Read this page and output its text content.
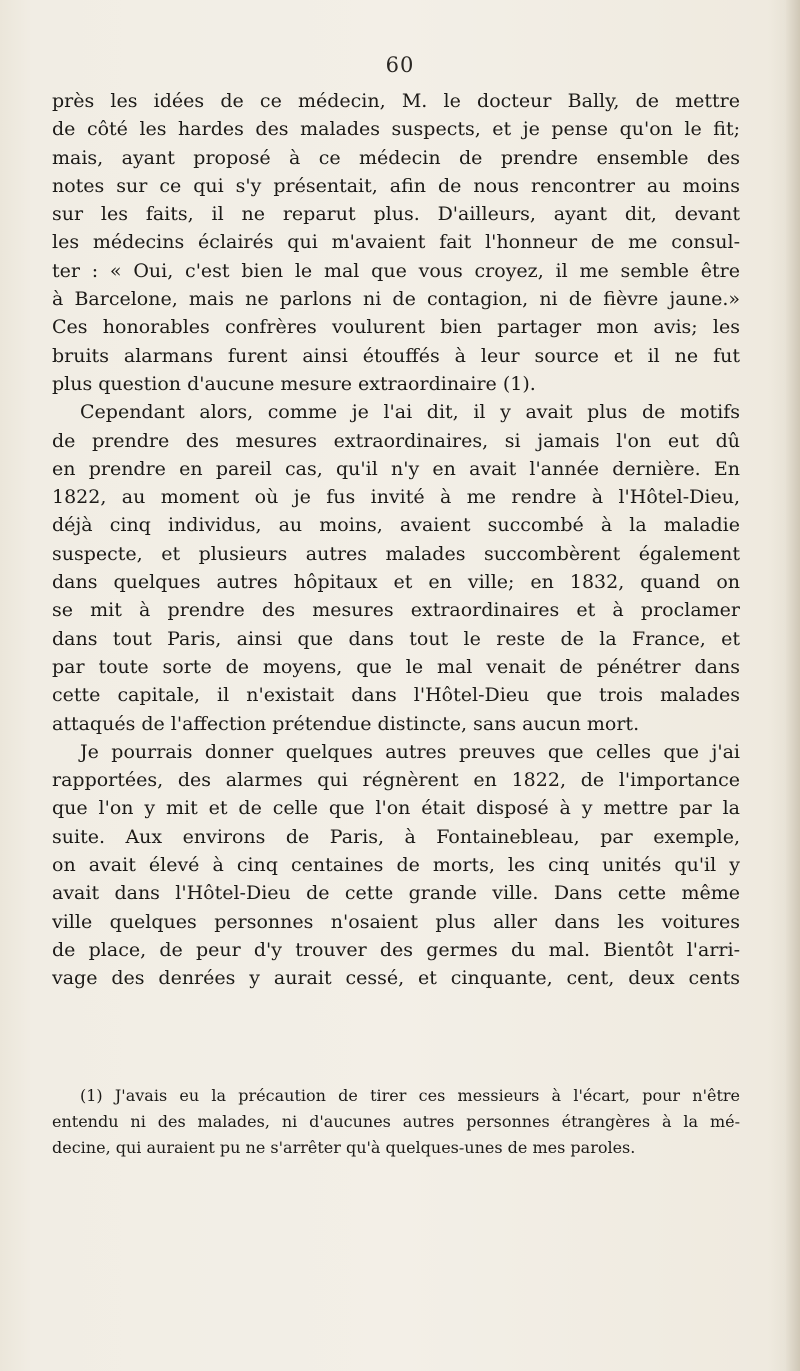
60
près les idées de ce médecin, M. le docteur Bally, de mettre
de côté les hardes des malades suspects, et je pense qu'on le fit;
mais, ayant proposé à ce médecin de prendre ensemble des
notes sur ce qui s'y présentait, afin de nous rencontrer au moins
sur les faits, il ne reparut plus. D'ailleurs, ayant dit, devant
les médecins éclairés qui m'avaient fait l'honneur de me consul-
ter : « Oui, c'est bien le mal que vous croyez, il me semble être
à Barcelone, mais ne parlons ni de contagion, ni de fièvre jaune.»
Ces honorables confrères voulurent bien partager mon avis; les
bruits alarmans furent ainsi étouffés à leur source et il ne fut
plus question d'aucune mesure extraordinaire (1).
Cependant alors, comme je l'ai dit, il y avait plus de motifs
de prendre des mesures extraordinaires, si jamais l'on eut dû
en prendre en pareil cas, qu'il n'y en avait l'année dernière. En
1822, au moment où je fus invité à me rendre à l'Hôtel-Dieu,
déjà cinq individus, au moins, avaient succombé à la maladie
suspecte, et plusieurs autres malades succombèrent également
dans quelques autres hôpitaux et en ville; en 1832, quand on
se mit à prendre des mesures extraordinaires et à proclamer
dans tout Paris, ainsi que dans tout le reste de la France, et
par toute sorte de moyens, que le mal venait de pénétrer dans
cette capitale, il n'existait dans l'Hôtel-Dieu que trois malades
attaqués de l'affection prétendue distincte, sans aucun mort.
Je pourrais donner quelques autres preuves que celles que j'ai
rapportées, des alarmes qui régnèrent en 1822, de l'importance
que l'on y mit et de celle que l'on était disposé à y mettre par la
suite. Aux environs de Paris, à Fontainebleau, par exemple,
on avait élevé à cinq centaines de morts, les cinq unités qu'il y
avait dans l'Hôtel-Dieu de cette grande ville. Dans cette même
ville quelques personnes n'osaient plus aller dans les voitures
de place, de peur d'y trouver des germes du mal. Bientôt l'arri-
vage des denrées y aurait cessé, et cinquante, cent, deux cents
(1) J'avais eu la précaution de tirer ces messieurs à l'écart, pour n'être
entendu ni des malades, ni d'aucunes autres personnes étrangères à la mé-
decine, qui auraient pu ne s'arrêter qu'à quelques-unes de mes paroles.
